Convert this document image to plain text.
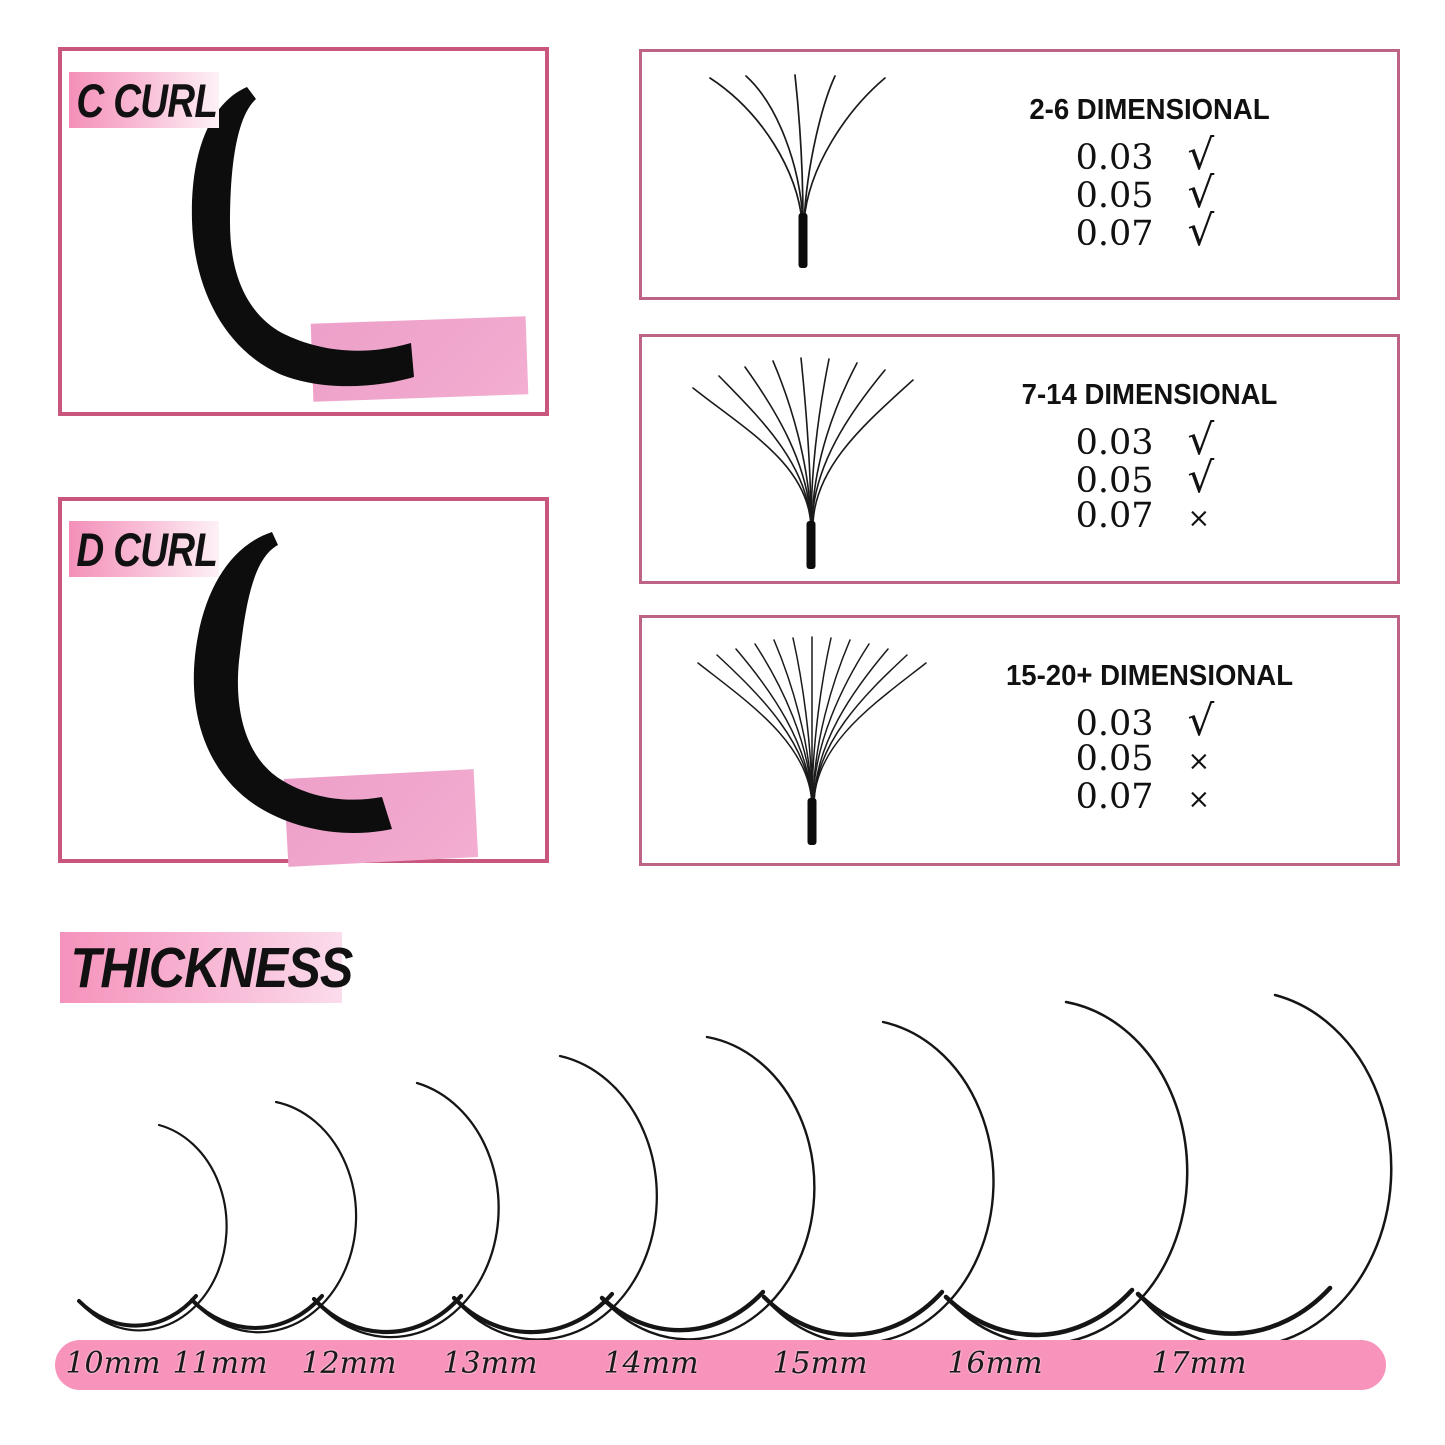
C CURL
D CURL
2-6 DIMENSIONAL
0.03 √
0.05 √
0.07 √
7-14 DIMENSIONAL
0.03 √
0.05 √
0.07 ×
15-20+ DIMENSIONAL
0.03 √
0.05 ×
0.07 ×
THICKNESS
10mm 11mm 12mm 13mm 14mm 15mm	16mm	17mm
